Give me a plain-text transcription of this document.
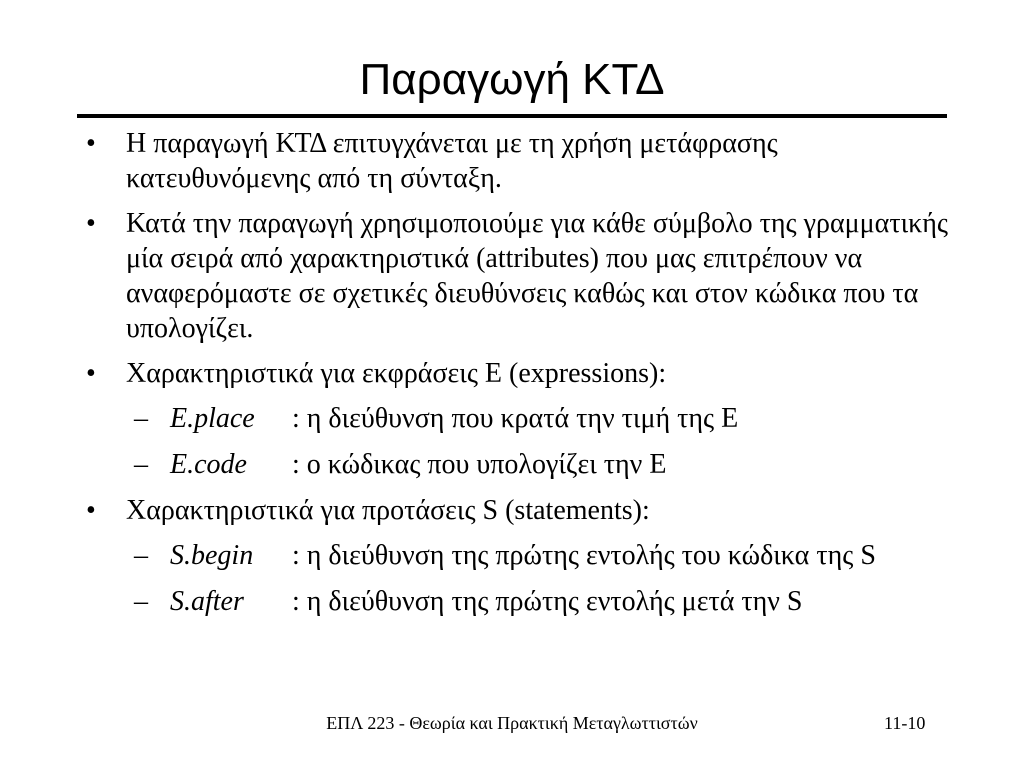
Παραγωγή ΚΤΔ
• Η παραγωγή ΚΤΔ επιτυγχάνεται με τη χρήση μετάφρασης κατευθυνόμενης από τη σύνταξη.
• Κατά την παραγωγή χρησιμοποιούμε για κάθε σύμβολο της γραμματικής μία σειρά από χαρακτηριστικά (attributes) που μας επιτρέπουν να αναφερόμαστε σε σχετικές διευθύνσεις καθώς και στον κώδικα που τα υπολογίζει.
• Χαρακτηριστικά για εκφράσεις Ε (expressions):
– E.place : η διεύθυνση που κρατά την τιμή της Ε
– E.code : ο κώδικας που υπολογίζει την Ε
• Χαρακτηριστικά για προτάσεις S (statements):
– S.begin : η διεύθυνση της πρώτης εντολής του κώδικα της S
– S.after : η διεύθυνση της πρώτης εντολής μετά την S
ΕΠΛ 223 - Θεωρία και Πρακτική Μεταγλωττιστών	11-10
